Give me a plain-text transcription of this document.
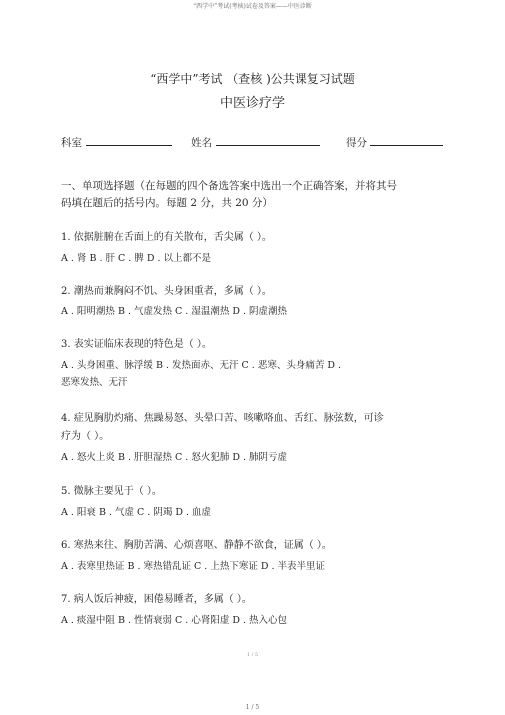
“西学中”考试(考核)试卷及答案——中医诊断
“西学中”考试 （查核 )公共课复习试题
中医诊疗学
科室	姓名	得分
一、单项选择题（在每题的四个备选答案中选出一个正确答案，并将其号
码填在题后的括号内。每题 2 分，共 20 分）
1. 依据脏腑在舌面上的有关散布，舌尖属（ ）。
A . 肾 B . 肝 C . 脾 D . 以上都不是
2. 潮热而兼胸闷不饥、头身困重者，多属（ ）。
A . 阳明潮热 B . 气虚发热 C . 湿温潮热 D . 阴虚潮热
3. 表实证临床表现的特色是（ ）。
A . 头身困重、脉浮缓 B . 发热面赤、无汗 C . 恶寒、头身痛苦 D .
恶寒发热、无汗
4. 症见胸肋灼痛、焦躁易怒、头晕口苦、咳嗽咯血、舌红、脉弦数，可诊
疗为（ ）。
A . 怒火上炎 B . 肝胆湿热 C . 怒火犯肺 D . 肺阴亏虚
5. 微脉主要见于（ ）。
A . 阳衰 B . 气虚 C . 阴竭 D . 血虚
6. 寒热来往、胸肋苦满、心烦喜呕、静静不欲食，证属（ ）。
A . 表寒里热证 B . 寒热错乱证 C . 上热下寒证 D . 半表半里证
7. 病人饭后神疲，困倦易睡者，多属（ ）。
A . 痰湿中阻 B . 性情衰弱 C . 心肾阳虚 D . 热入心包
1 / 5
1 / 5
